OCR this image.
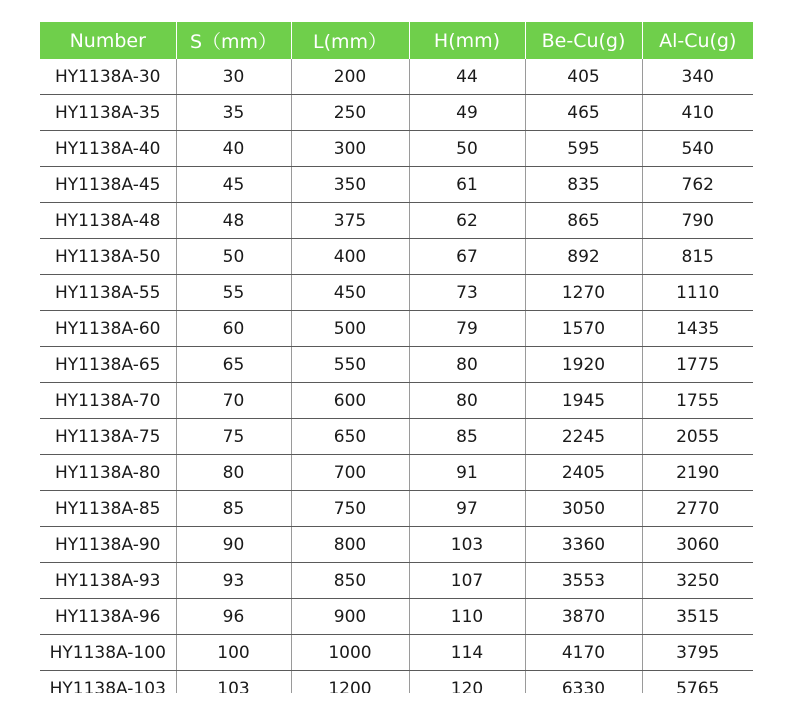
Number	S（mm）	L(mm）	H(mm)	Be-Cu(g)	Al-Cu(g)
HY1138A-30	30	200	44	405	340
HY1138A-35	35	250	49	465	410
HY1138A-40	40	300	50	595	540
HY1138A-45	45	350	61	835	762
HY1138A-48	48	375	62	865	790
HY1138A-50	50	400	67	892	815
HY1138A-55	55	450	73	1270	1110
HY1138A-60	60	500	79	1570	1435
HY1138A-65	65	550	80	1920	1775
HY1138A-70	70	600	80	1945	1755
HY1138A-75	75	650	85	2245	2055
HY1138A-80	80	700	91	2405	2190
HY1138A-85	85	750	97	3050	2770
HY1138A-90	90	800	103	3360	3060
HY1138A-93	93	850	107	3553	3250
HY1138A-96	96	900	110	3870	3515
HY1138A-100	100	1000	114	4170	3795
HY1138A-103	103	1200	120	6330	5765
